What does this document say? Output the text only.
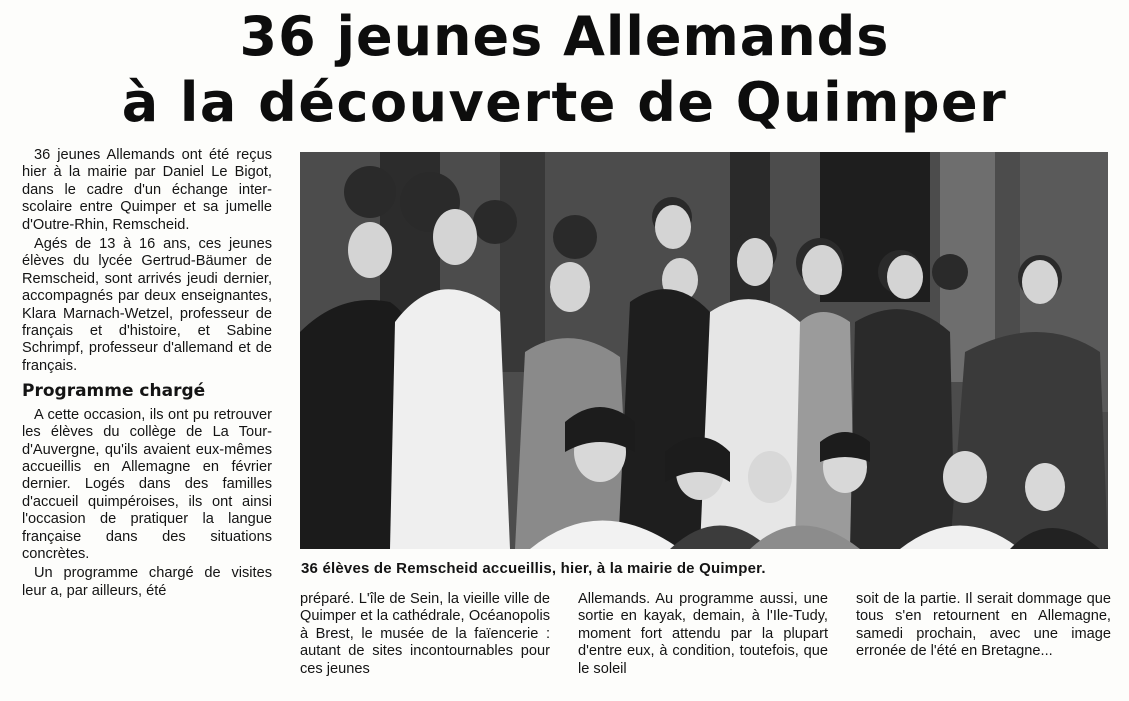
36 jeunes Allemands
à la découverte de Quimper

36 jeunes Allemands ont été reçus hier à la mairie par Daniel Le Bigot, dans le cadre d'un échange inter-scolaire entre Quimper et sa jumelle d'Outre-Rhin, Remscheid.

Agés de 13 à 16 ans, ces jeunes élèves du lycée Gertrud-Bäumer de Remscheid, sont arrivés jeudi dernier, accompagnés par deux enseignantes, Klara Marnach-Wetzel, professeur de français et d'histoire, et Sabine Schrimpf, professeur d'allemand et de français.

Programme chargé

A cette occasion, ils ont pu retrouver les élèves du collège de La Tour-d'Auvergne, qu'ils avaient eux-mêmes accueillis en Allemagne en février dernier. Logés dans des familles d'accueil quimpéroises, ils ont ainsi l'occasion de pratiquer la langue française dans des situations concrètes.

Un programme chargé de visites leur a, par ailleurs, été

36 élèves de Remscheid accueillis, hier, à la mairie de Quimper.

préparé. L'île de Sein, la vieille ville de Quimper et la cathédrale, Océanopolis à Brest, le musée de la faïencerie : autant de sites incontournables pour ces jeunes

Allemands. Au programme aussi, une sortie en kayak, demain, à l'Ile-Tudy, moment fort attendu par la plupart d'entre eux, à condition, toutefois, que le soleil

soit de la partie. Il serait dommage que tous s'en retournent en Allemagne, samedi prochain, avec une image erronée de l'été en Bretagne...
